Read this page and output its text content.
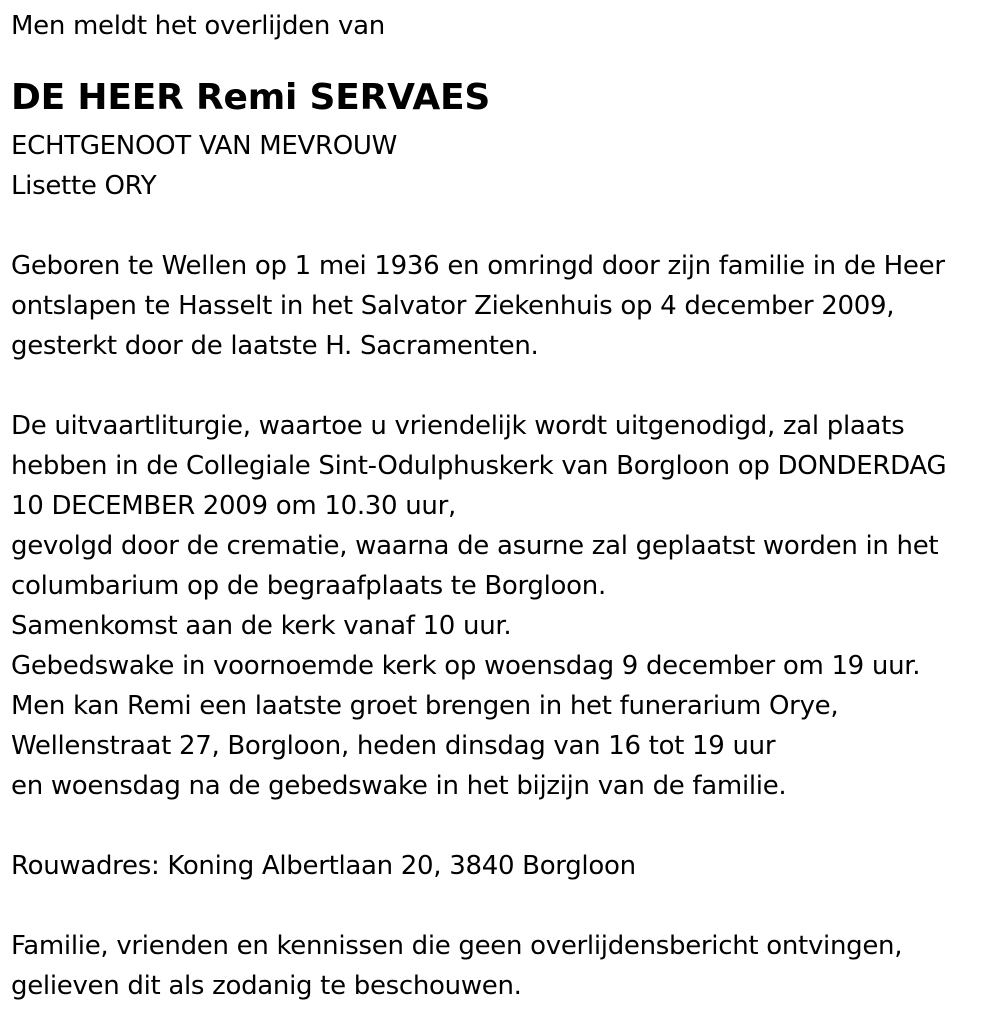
Men meldt het overlijden van
DE HEER Remi SERVAES
ECHTGENOOT VAN MEVROUW
Lisette ORY
Geboren te Wellen op 1 mei 1936 en omringd door zijn familie in de Heer
ontslapen te Hasselt in het Salvator Ziekenhuis op 4 december 2009,
gesterkt door de laatste H. Sacramenten.
De uitvaartliturgie, waartoe u vriendelijk wordt uitgenodigd, zal plaats
hebben in de Collegiale Sint-Odulphuskerk van Borgloon op DONDERDAG
10 DECEMBER 2009 om 10.30 uur,
gevolgd door de crematie, waarna de asurne zal geplaatst worden in het
columbarium op de begraafplaats te Borgloon.
Samenkomst aan de kerk vanaf 10 uur.
Gebedswake in voornoemde kerk op woensdag 9 december om 19 uur.
Men kan Remi een laatste groet brengen in het funerarium Orye,
Wellenstraat 27, Borgloon, heden dinsdag van 16 tot 19 uur
en woensdag na de gebedswake in het bijzijn van de familie.
Rouwadres: Koning Albertlaan 20, 3840 Borgloon
Familie, vrienden en kennissen die geen overlijdensbericht ontvingen,
gelieven dit als zodanig te beschouwen.
